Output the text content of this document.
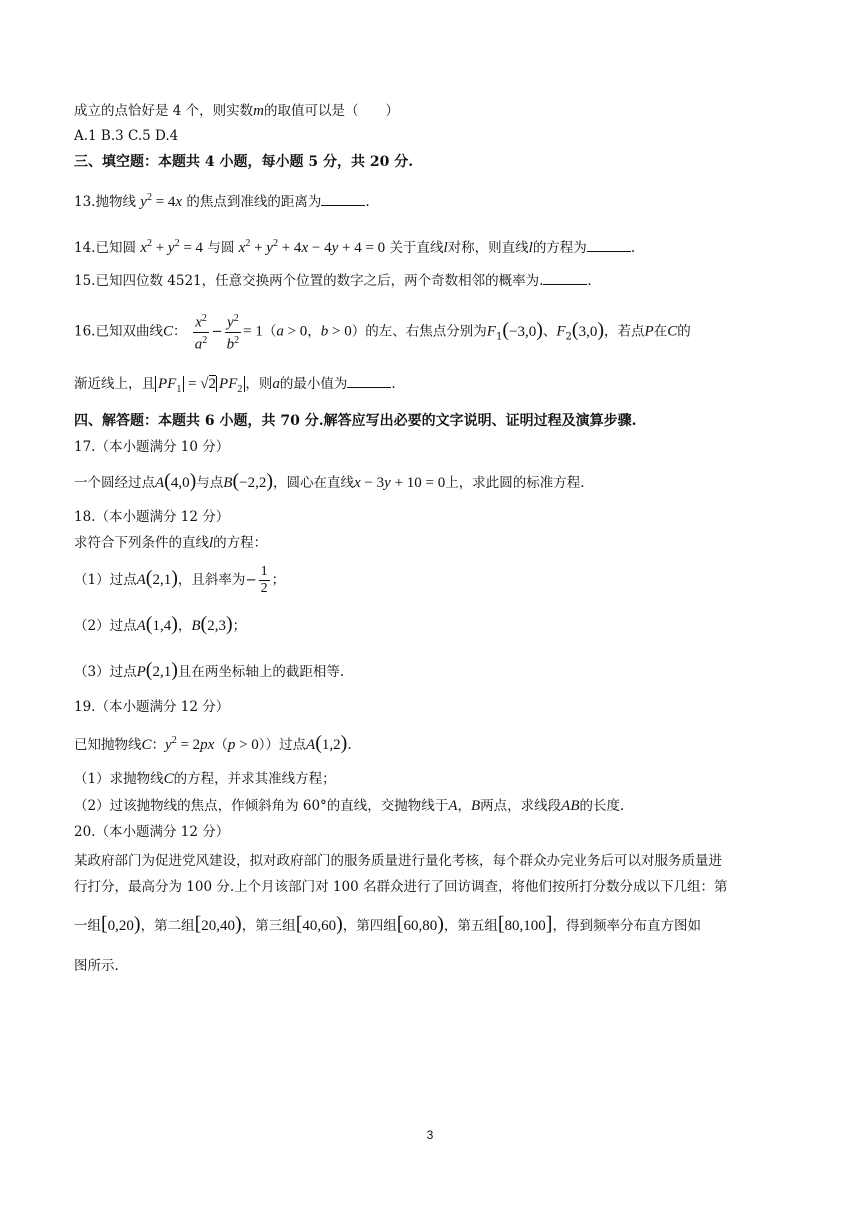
成立的点恰好是 4 个，则实数m的取值可以是（　　）
A.1 B.3 C.5 D.4
三、填空题：本题共 4 小题，每小题 5 分，共 20 分.
13.抛物线 $y^2 = 4x$ 的焦点到准线的距离为	.
14.已知圆 $x^2 + y^2 = 4$ 与圆 $x^2 + y^2 + 4x - 4y + 4 = 0$ 关于直线l对称，则直线l的方程为	.
15.已知四位数 4521，任意交换两个位置的数字之后，两个奇数相邻的概率为.	.
16.已知双曲线C： $\frac{x^2}{a^2} - \frac{y^2}{b^2} = 1(a > 0$，b > 0）的左、右焦点分别为$F_1(-3,0)$、$F_2(3,0)$，若点P在C的
渐近线上，且 $PF_1 = √2$ $PF_2$ ，则a的最小值为	.
四、解答题：本题共 6 小题，共 70 分.解答应写出必要的文字说明、证明过程及演算步骤.
17.（本小题满分 10 分）
一个圆经过点A(4,0)与点B(−2,2)，圆心在直线x − 3y + 10 = 0上，求此圆的标准方程.
18.（本小题满分 12 分）
求符合下列条件的直线l的方程：
（1）过点A(2,1)，且斜率为− $\frac{1}{2}$ ；
（2）过点A(1,4)，B(2,3)；
（3）过点P(2,1)且在两坐标轴上的截距相等.
19.（本小题满分 12 分）
已知抛物线C：$y^2 = 2px(p > 0)$）过点A(1,2).
（1）求抛物线C的方程，并求其准线方程；
（2）过该抛物线的焦点，作倾斜角为 60°的直线，交抛物线于A，B两点，求线段AB的长度.
20.（本小题满分 12 分）
某政府部门为促进党风建设，拟对政府部门的服务质量进行量化考核，每个群众办完业务后可以对服务质量进
行打分，最高分为 100 分.上个月该部门对 100 名群众进行了回访调查，将他们按所打分数分成以下几组：第
一组[0,20)，第二组[20,40)，第三组[40,60)，第四组[60,80)，第五组[80,100]，得到频率分布直方图如
图所示.
3
